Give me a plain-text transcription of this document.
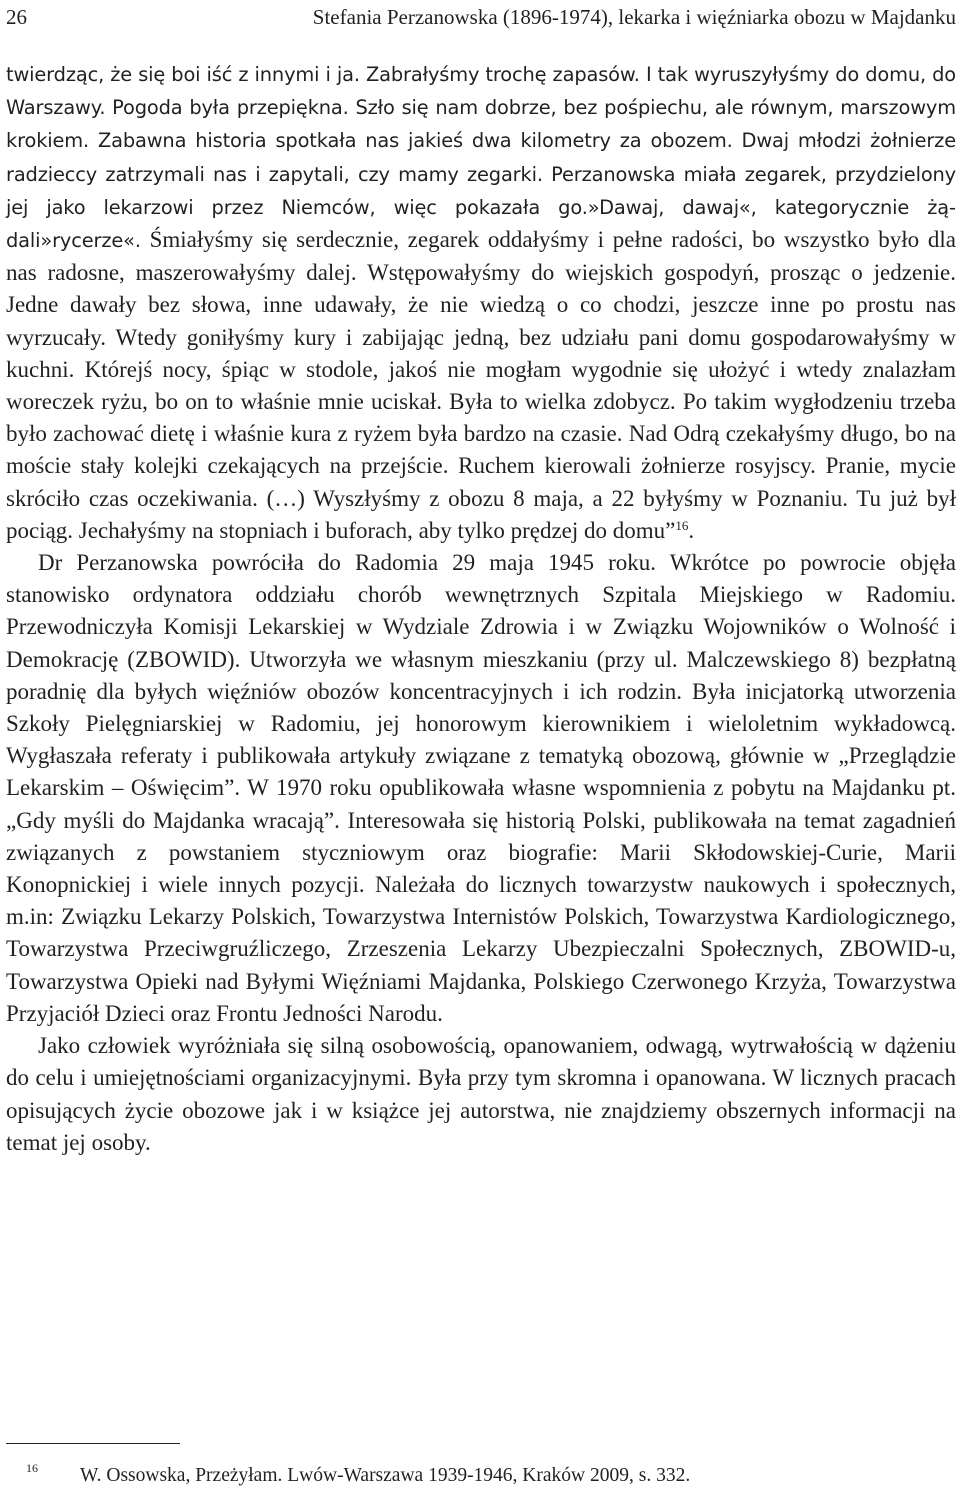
26	Stefania Perzanowska (1896-1974), lekarka i więźniarka obozu w Majdanku

twierdząc, że się boi iść z innymi i ja. Zabrałyśmy trochę zapasów. I tak wyruszyłyśmy do domu, do Warszawy. Pogoda była przepiękna. Szło się nam dobrze, bez pośpiechu, ale równym, marszowym krokiem. Zabawna historia spotkała nas jakieś dwa kilometry za obozem. Dwaj młodzi żołnierze radzieccy zatrzymali nas i zapytali, czy mamy zegarki. Perzanowska miała zegarek, przydzielony jej jako lekarzowi przez Niemców, więc pokazała go.»Dawaj, dawaj«, kategorycznie żądali»rycerze«. Śmiałyśmy się serdecznie, zegarek oddałyśmy i pełne radości, bo wszystko było dla nas radosne, maszerowałyśmy dalej. Wstępowałyśmy do wiejskich gospodyń, prosząc o jedzenie. Jedne dawały bez słowa, inne udawały, że nie wiedzą o co chodzi, jeszcze inne po prostu nas wyrzucały. Wtedy goniłyśmy kury i zabijając jedną, bez udziału pani domu gospodarowałyśmy w kuchni. Którejś nocy, śpiąc w stodole, jakoś nie mogłam wygodnie się ułożyć i wtedy znalazłam woreczek ryżu, bo on to właśnie mnie uciskał. Była to wielka zdobycz. Po takim wygłodzeniu trzeba było zachować dietę i właśnie kura z ryżem była bardzo na czasie. Nad Odrą czekałyśmy długo, bo na moście stały kolejki czekających na przejście. Ruchem kierowali żołnierze rosyjscy. Pranie, mycie skróciło czas oczekiwania. (…) Wyszłyśmy z obozu 8 maja, a 22 byłyśmy w Poznaniu. Tu już był pociąg. Jechałyśmy na stopniach i buforach, aby tylko prędzej do domu”$^{16}$.

Dr Perzanowska powróciła do Radomia 29 maja 1945 roku. Wkrótce po powrocie objęła stanowisko ordynatora oddziału chorób wewnętrznych Szpitala Miejskiego w Radomiu. Przewodniczyła Komisji Lekarskiej w Wydziale Zdrowia i w Związku Wojowników o Wolność i Demokrację (ZBOWID). Utworzyła we własnym mieszkaniu (przy ul. Malczewskiego 8) bezpłatną poradnię dla byłych więźniów obozów koncentracyjnych i ich rodzin. Była inicjatorką utworzenia Szkoły Pielęgniarskiej w Radomiu, jej honorowym kierownikiem i wieloletnim wykładowcą. Wygłaszała referaty i publikowała artykuły związane z tematyką obozową, głównie w „Przeglądzie Lekarskim – Oświęcim”. W 1970 roku opublikowała własne wspomnienia z pobytu na Majdanku pt. „Gdy myśli do Majdanka wracają”. Interesowała się historią Polski, publikowała na temat zagadnień związanych z powstaniem styczniowym oraz biografie: Marii Skłodowskiej-Curie, Marii Konopnickiej i wiele innych pozycji. Należała do licznych towarzystw naukowych i społecznych, m.in: Związku Lekarzy Polskich, Towarzystwa Internistów Polskich, Towarzystwa Kardiologicznego, Towarzystwa Przeciwgruźliczego, Zrzeszenia Lekarzy Ubezpieczalni Społecznych, ZBOWID-u, Towarzystwa Opieki nad Byłymi Więźniami Majdanka, Polskiego Czerwonego Krzyża, Towarzystwa Przyjaciół Dzieci oraz Frontu Jedności Narodu.

Jako człowiek wyróżniała się silną osobowością, opanowaniem, odwagą, wytrwałością w dążeniu do celu i umiejętnościami organizacyjnymi. Była przy tym skromna i opanowana. W licznych pracach opisujących życie obozowe jak i w książce jej autorstwa, nie znajdziemy obszernych informacji na temat jej osoby.

16 W. Ossowska, Przeżyłam. Lwów-Warszawa 1939-1946, Kraków 2009, s. 332.
